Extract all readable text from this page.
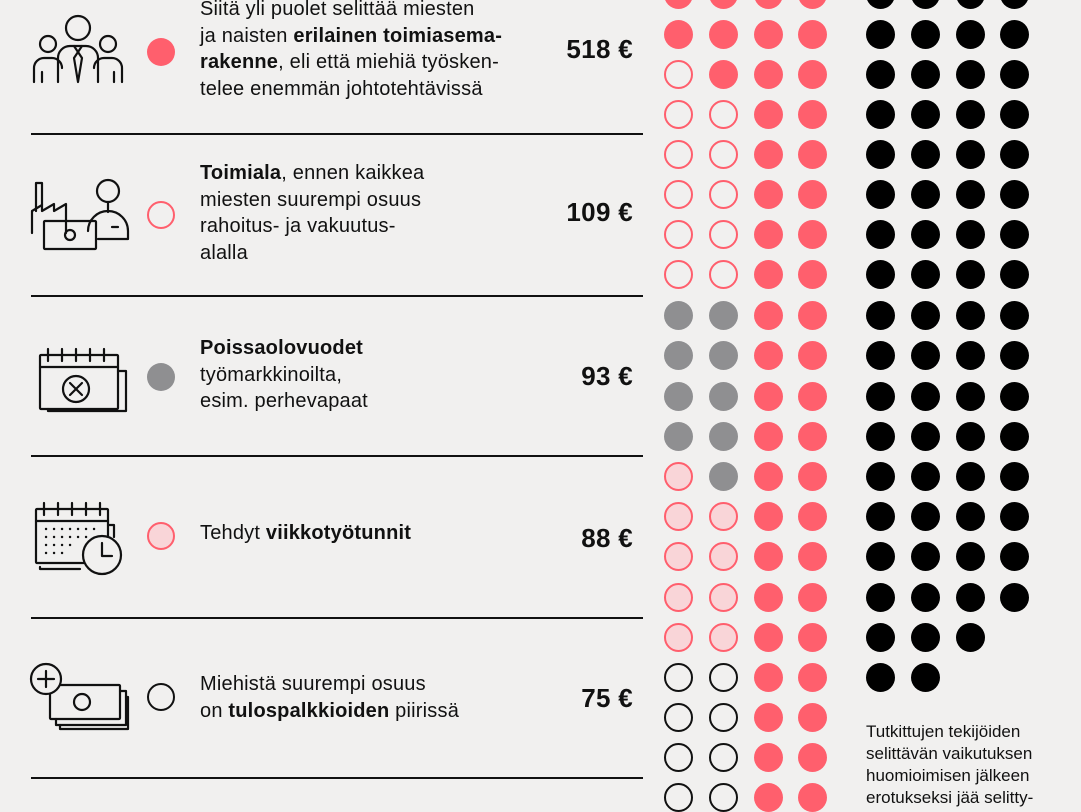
Siitä yli puolet selittää miesten
ja naisten erilainen toimiasema-
rakenne, eli että miehiä työsken-
telee enemmän johtotehtävissä
518 €
Toimiala, ennen kaikkea
miesten suurempi osuus
rahoitus- ja vakuutus-
alalla
109 €
Poissaolovuodet
työmarkkinoilta,
esim. perhevapaat
93 €
Tehdyt viikkotyötunnit	88 €
Miehistä suurempi osuus
on tulospalkkioiden piirissä	75 €
Tutkittujen tekijöiden selittävän vaikutuksen huomioimisen jälkeen erotukseksi jää selitty-
